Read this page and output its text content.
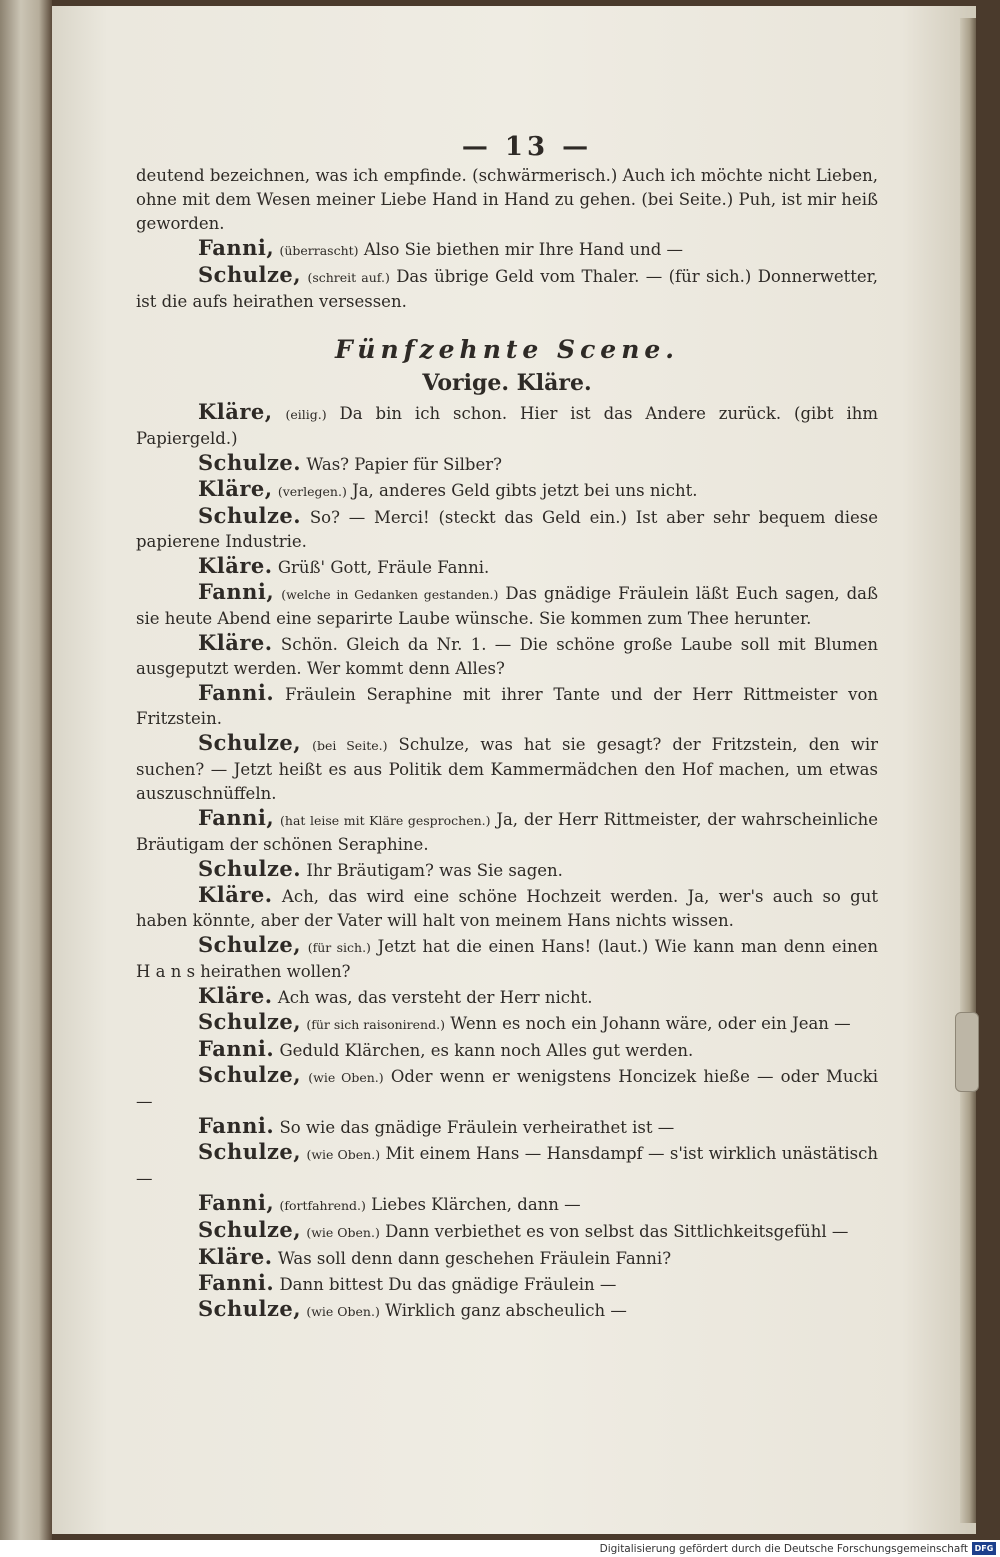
— 13 —

deutend bezeichnen, was ich empfinde. (schwärmerisch.) Auch ich möchte nicht Lieben, ohne mit dem Wesen meiner Liebe Hand in Hand zu gehen. (bei Seite.) Puh, ist mir heiß geworden.

Fanni, (überrascht) Also Sie biethen mir Ihre Hand und —

Schulze, (schreit auf.) Das übrige Geld vom Thaler. — (für sich.) Donnerwetter, ist die aufs heirathen versessen.

Fünfzehnte Scene.
Vorige. Kläre.

Kläre, (eilig.) Da bin ich schon. Hier ist das Andere zurück. (gibt ihm Papiergeld.)

Schulze. Was? Papier für Silber?

Kläre, (verlegen.) Ja, anderes Geld gibts jetzt bei uns nicht.

Schulze. So? — Merci! (steckt das Geld ein.) Ist aber sehr bequem diese papierene Industrie.

Kläre. Grüß' Gott, Fräule Fanni.

Fanni, (welche in Gedanken gestanden.) Das gnädige Fräulein läßt Euch sagen, daß sie heute Abend eine separirte Laube wünsche. Sie kommen zum Thee herunter.

Kläre. Schön. Gleich da Nr. 1. — Die schöne große Laube soll mit Blumen ausgeputzt werden. Wer kommt denn Alles?

Fanni. Fräulein Seraphine mit ihrer Tante und der Herr Rittmeister von Fritzstein.

Schulze, (bei Seite.) Schulze, was hat sie gesagt? der Fritzstein, den wir suchen? — Jetzt heißt es aus Politik dem Kammermädchen den Hof machen, um etwas auszuschnüffeln.

Fanni, (hat leise mit Kläre gesprochen.) Ja, der Herr Rittmeister, der wahrscheinliche Bräutigam der schönen Seraphine.

Schulze. Ihr Bräutigam? was Sie sagen.

Kläre. Ach, das wird eine schöne Hochzeit werden. Ja, wer's auch so gut haben könnte, aber der Vater will halt von meinem Hans nichts wissen.

Schulze, (für sich.) Jetzt hat die einen Hans! (laut.) Wie kann man denn einen H a n s heirathen wollen?

Kläre. Ach was, das versteht der Herr nicht.

Schulze, (für sich raisonirend.) Wenn es noch ein Johann wäre, oder ein Jean —

Fanni. Geduld Klärchen, es kann noch Alles gut werden.

Schulze, (wie Oben.) Oder wenn er wenigstens Honcizek hieße — oder Mucki —

Fanni. So wie das gnädige Fräulein verheirathet ist —

Schulze, (wie Oben.) Mit einem Hans — Hansdampf — s'ist wirklich unästätisch —

Fanni, (fortfahrend.) Liebes Klärchen, dann —

Schulze, (wie Oben.) Dann verbiethet es von selbst das Sittlichkeitsgefühl —

Kläre. Was soll denn dann geschehen Fräulein Fanni?

Fanni. Dann bittest Du das gnädige Fräulein —

Schulze, (wie Oben.) Wirklich ganz abscheulich —

Digitalisierung gefördert durch die Deutsche Forschungsgemeinschaft DFG
